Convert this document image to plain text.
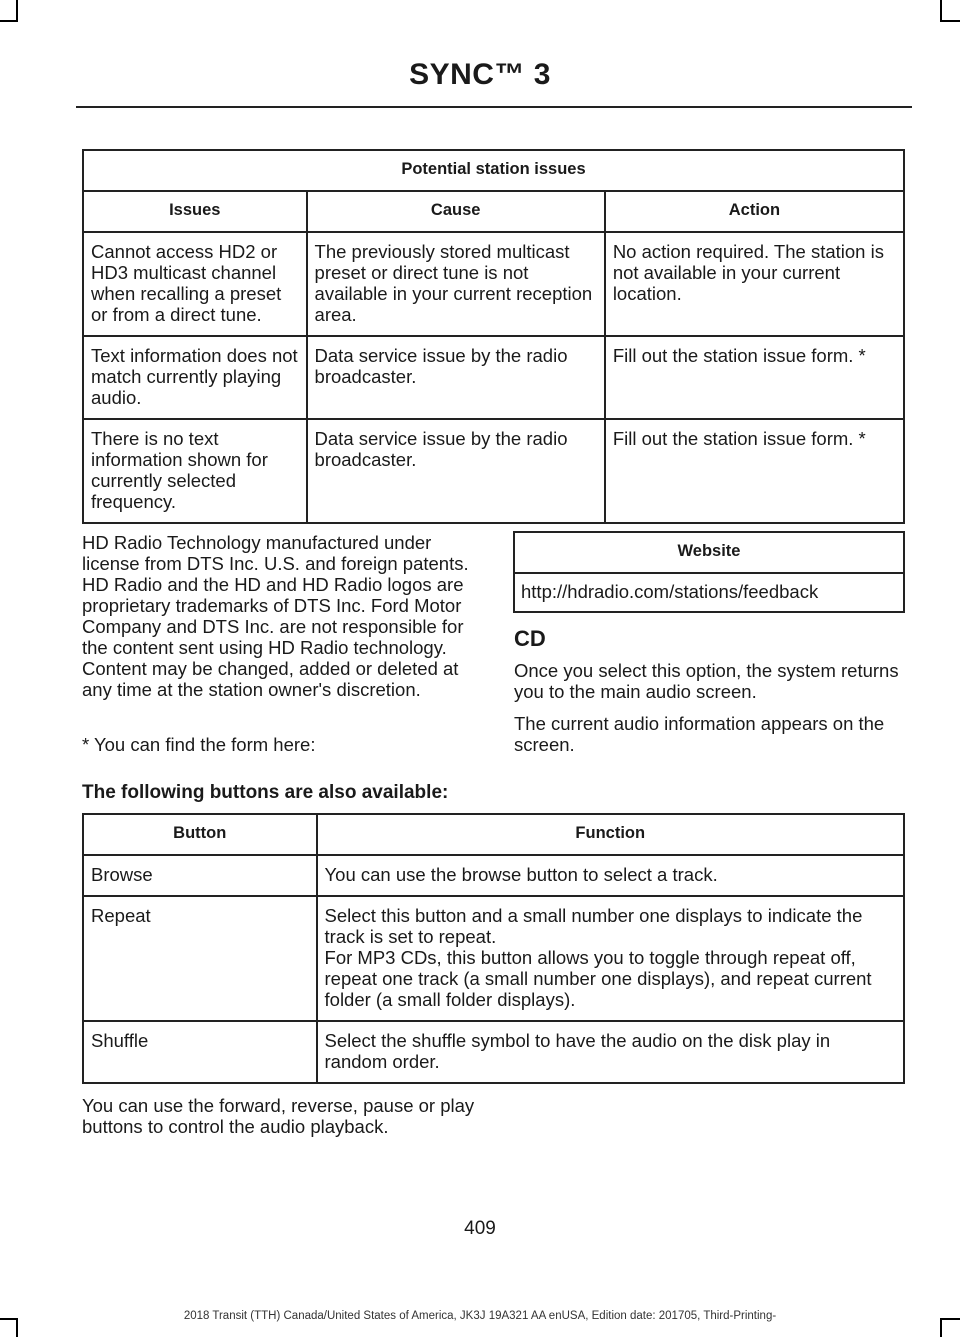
SYNC™ 3
Potential station issues		
Issues	Cause	Action
Cannot access HD2 or HD3 multicast channel when recalling a preset or from a direct tune.	The previously stored multicast preset or direct tune is not available in your current reception area.	No action required. The station is not available in your current location.
Text information does not match currently playing audio.	Data service issue by the radio broadcaster.	Fill out the station issue form. *
There is no text information shown for currently selected frequency.	Data service issue by the radio broadcaster.	Fill out the station issue form. *
HD Radio Technology manufactured under license from DTS Inc. U.S. and foreign patents. HD Radio and the HD and HD Radio logos are proprietary trademarks of DTS Inc. Ford Motor Company and DTS Inc. are not responsible for the content sent using HD Radio technology. Content may be changed, added or deleted at any time at the station owner's discretion.
* You can find the form here:
Website
http://hdradio.com/stations/feedback
CD
Once you select this option, the system returns you to the main audio screen.
The current audio information appears on the screen.
The following buttons are also available:
Button	Function
Browse	You can use the browse button to select a track.

Repeat	Select this button and a small number one displays to indicate the track is set to repeat.
For MP3 CDs, this button allows you to toggle through repeat off, repeat one track (a small number one displays), and repeat current folder (a small folder displays).

Shuffle	Select the shuffle symbol to have the audio on the disk play in random order.
You can use the forward, reverse, pause or play buttons to control the audio playback.
409
2018 Transit (TTH) Canada/United States of America, JK3J 19A321 AA enUSA, Edition date: 201705, Third-Printing-
